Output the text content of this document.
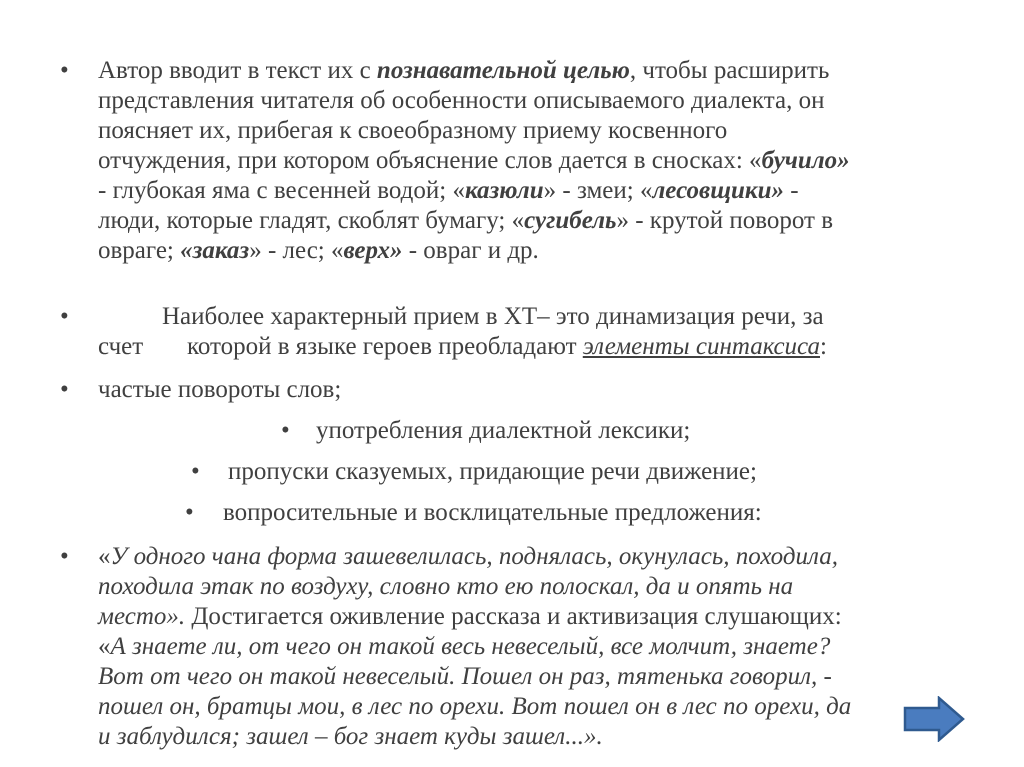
• Автор вводит в текст их с познавательной целью, чтобы расширить
представления читателя об особенности описываемого диалекта, он
поясняет их, прибегая к своеобразному приему косвенного
отчуждения, при котором объяснение слов дается в сносках: «бучило»
- глубокая яма с весенней водой; «казюли» - змеи; «лесовщики» -
люди, которые гладят, скоблят бумагу; «сугибель» - крутой поворот в
овраге; «заказ» - лес; «верх» - овраг и др.
•	Наиболее характерный прием в ХТ– это динамизация речи, за
счет       которой в языке героев преобладают элементы синтаксиса:
• частые повороты слов;
• употребления диалектной лексики;
• пропуски сказуемых, придающие речи движение;
• вопросительные и восклицательные предложения:
• «У одного чана форма зашевелилась, поднялась, окунулась, походила,
походила этак по воздуху, словно кто ею полоскал, да и опять на
место». Достигается оживление рассказа и активизация слушающих:
«А знаете ли, от чего он такой весь невеселый, все молчит, знаете?
Вот от чего он такой невеселый. Пошел он раз, тятенька говорил, -
пошел он, братцы мои, в лес по орехи. Вот пошел он в лес по орехи, да
и заблудился; зашел – бог знает куды зашел...».
